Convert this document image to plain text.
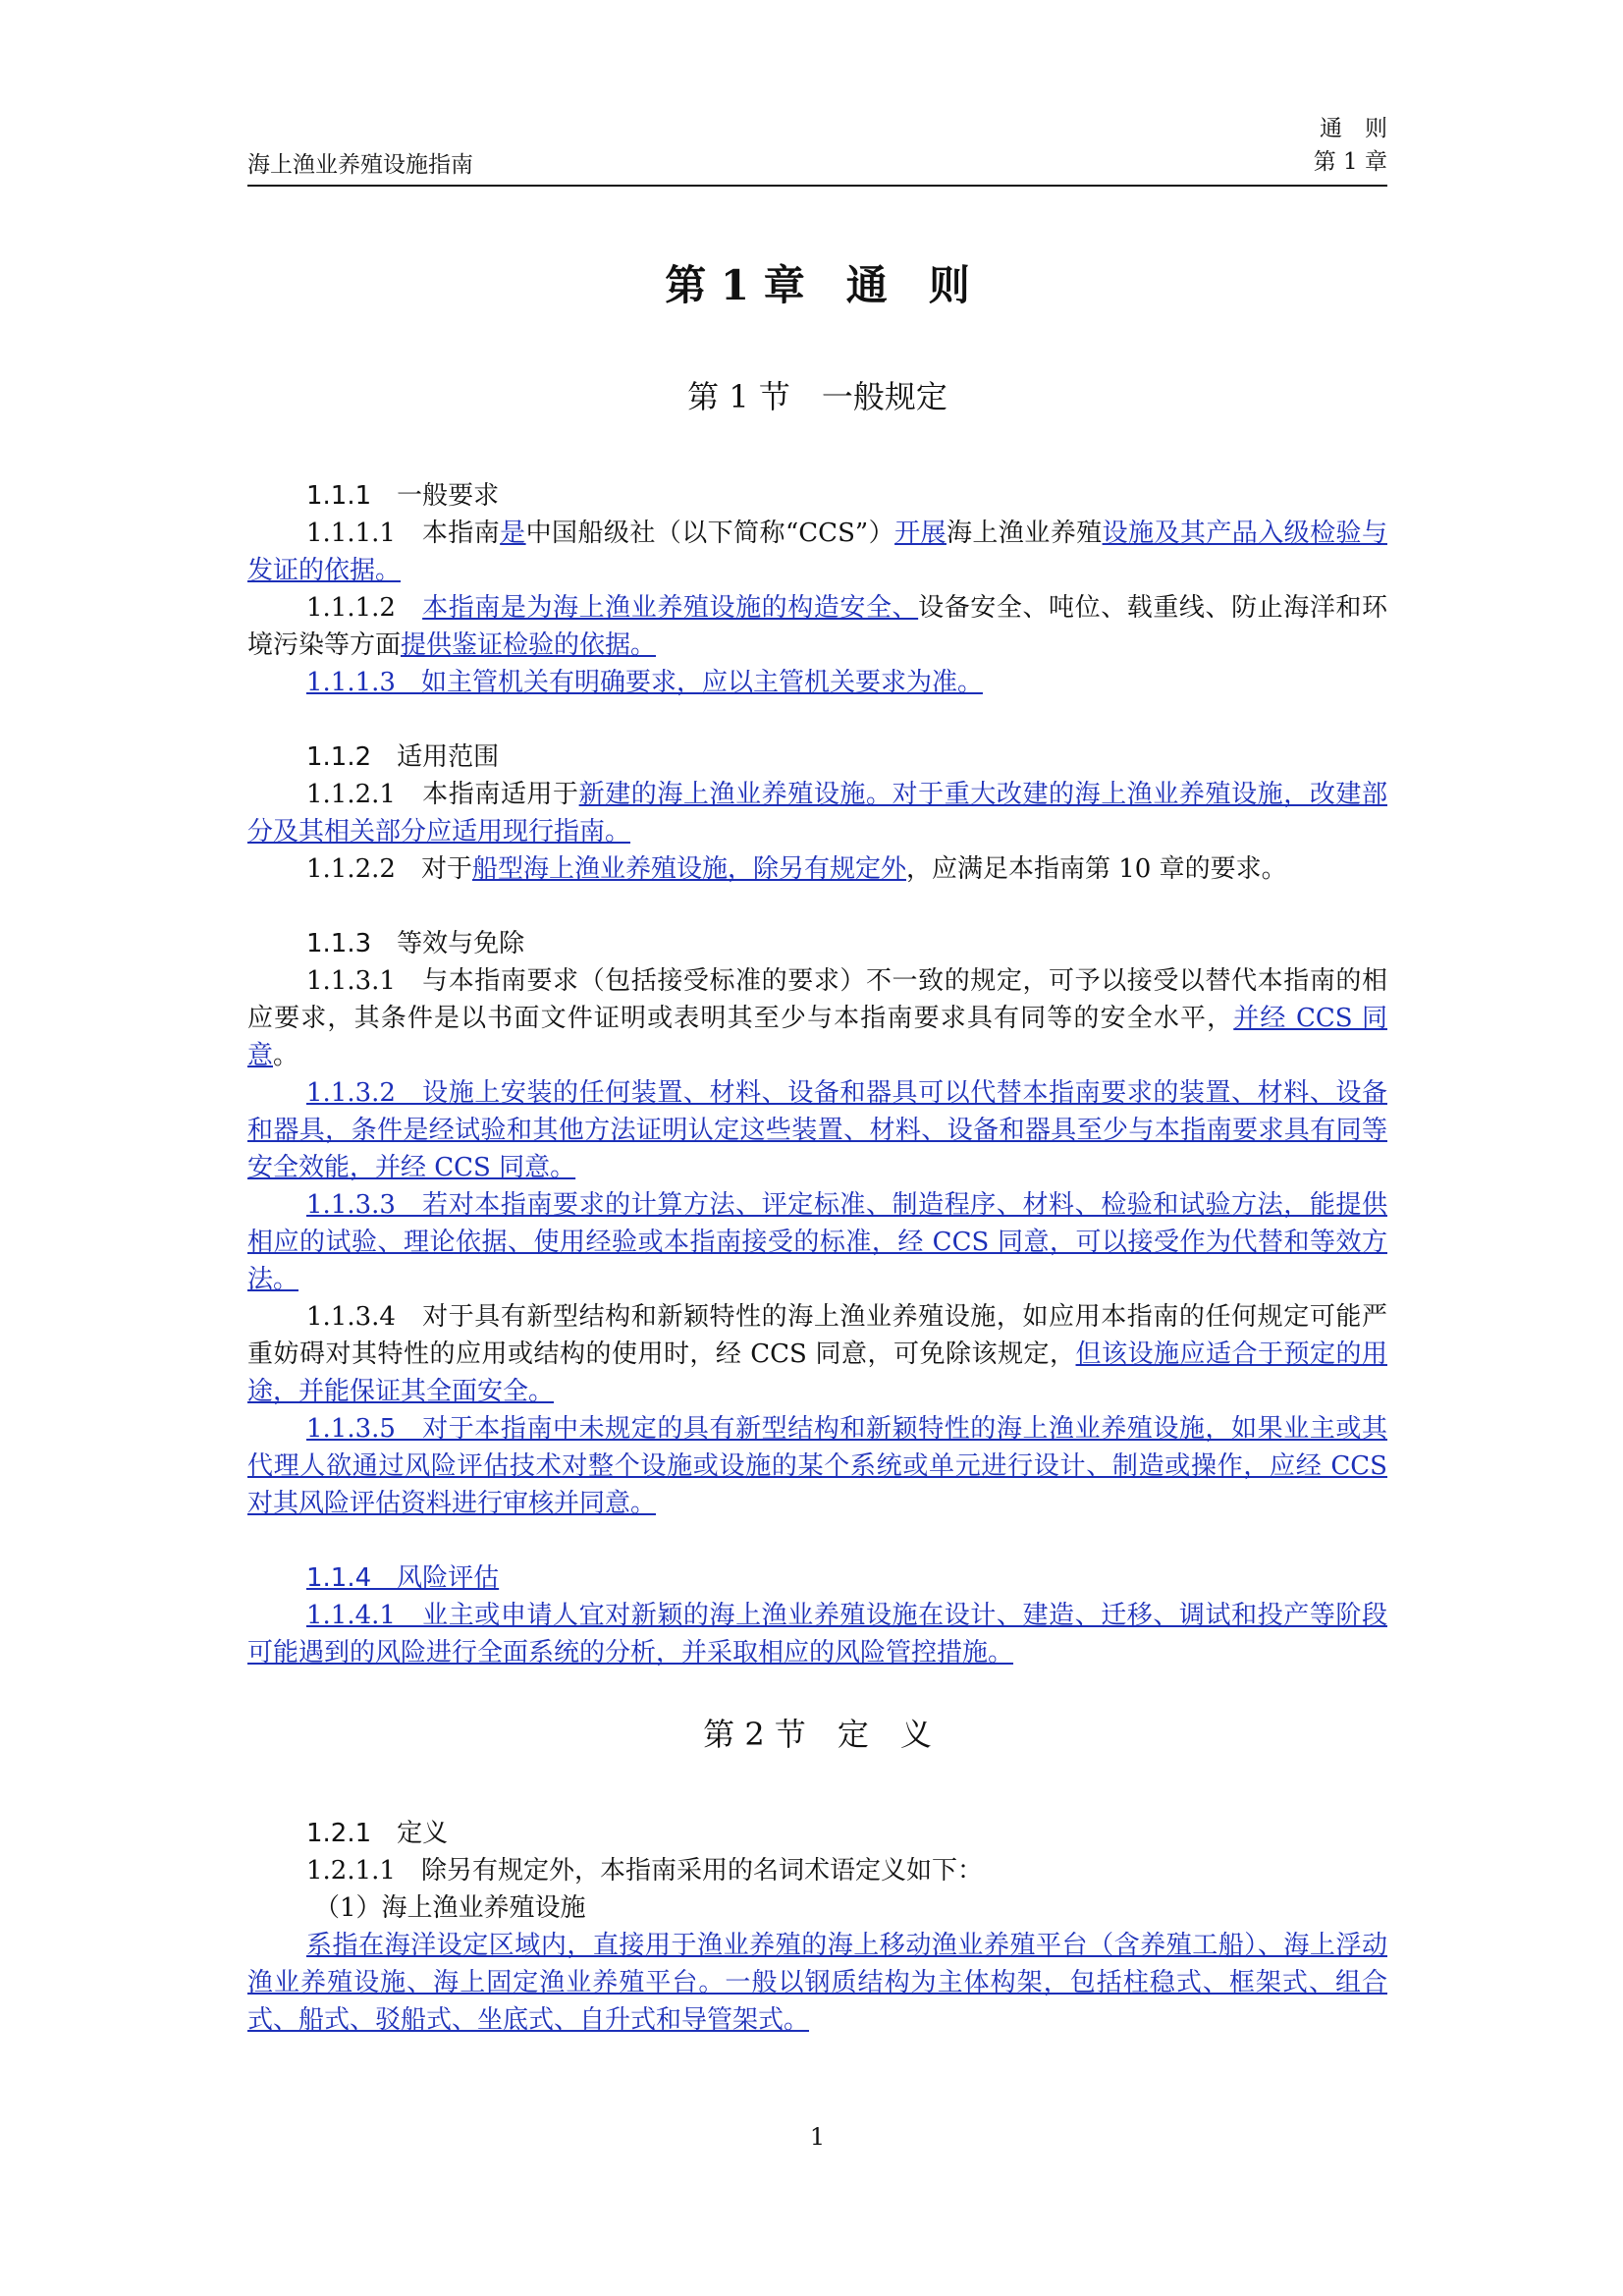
海上渔业养殖设施指南
通　则
第 1 章
第 1 章　通　则
第 1 节　一般规定
1.1.1　一般要求

1.1.1.1　本指南是中国船级社（以下简称“CCS”）开展海上渔业养殖设施及其产品入级检验与发证的依据。

1.1.1.2　本指南是为海上渔业养殖设施的构造安全、设备安全、吨位、载重线、防止海洋和环境污染等方面提供鉴证检验的依据。

1.1.1.3　如主管机关有明确要求，应以主管机关要求为准。

1.1.2　适用范围

1.1.2.1　本指南适用于新建的海上渔业养殖设施。对于重大改建的海上渔业养殖设施，改建部分及其相关部分应适用现行指南。

1.1.2.2　对于船型海上渔业养殖设施，除另有规定外，应满足本指南第 10 章的要求。

1.1.3　等效与免除

1.1.3.1　与本指南要求（包括接受标准的要求）不一致的规定，可予以接受以替代本指南的相应要求，其条件是以书面文件证明或表明其至少与本指南要求具有同等的安全水平，并经 CCS 同意。

1.1.3.2　设施上安装的任何装置、材料、设备和器具可以代替本指南要求的装置、材料、设备和器具，条件是经试验和其他方法证明认定这些装置、材料、设备和器具至少与本指南要求具有同等安全效能，并经 CCS 同意。

1.1.3.3　若对本指南要求的计算方法、评定标准、制造程序、材料、检验和试验方法，能提供相应的试验、理论依据、使用经验或本指南接受的标准，经 CCS 同意，可以接受作为代替和等效方法。

1.1.3.4　对于具有新型结构和新颖特性的海上渔业养殖设施，如应用本指南的任何规定可能严重妨碍对其特性的应用或结构的使用时，经 CCS 同意，可免除该规定，但该设施应适合于预定的用途，并能保证其全面安全。

1.1.3.5　对于本指南中未规定的具有新型结构和新颖特性的海上渔业养殖设施，如果业主或其代理人欲通过风险评估技术对整个设施或设施的某个系统或单元进行设计、制造或操作，应经 CCS 对其风险评估资料进行审核并同意。

1.1.4　风险评估

1.1.4.1　业主或申请人宜对新颖的海上渔业养殖设施在设计、建造、迁移、调试和投产等阶段可能遇到的风险进行全面系统的分析，并采取相应的风险管控措施。

第 2 节　定　义
1.2.1　定义

1.2.1.1　除另有规定外，本指南采用的名词术语定义如下：

（1）海上渔业养殖设施

系指在海洋设定区域内，直接用于渔业养殖的海上移动渔业养殖平台（含养殖工船）、海上浮动渔业养殖设施、海上固定渔业养殖平台。一般以钢质结构为主体构架，包括柱稳式、框架式、组合式、船式、驳船式、坐底式、自升式和导管架式。

1
